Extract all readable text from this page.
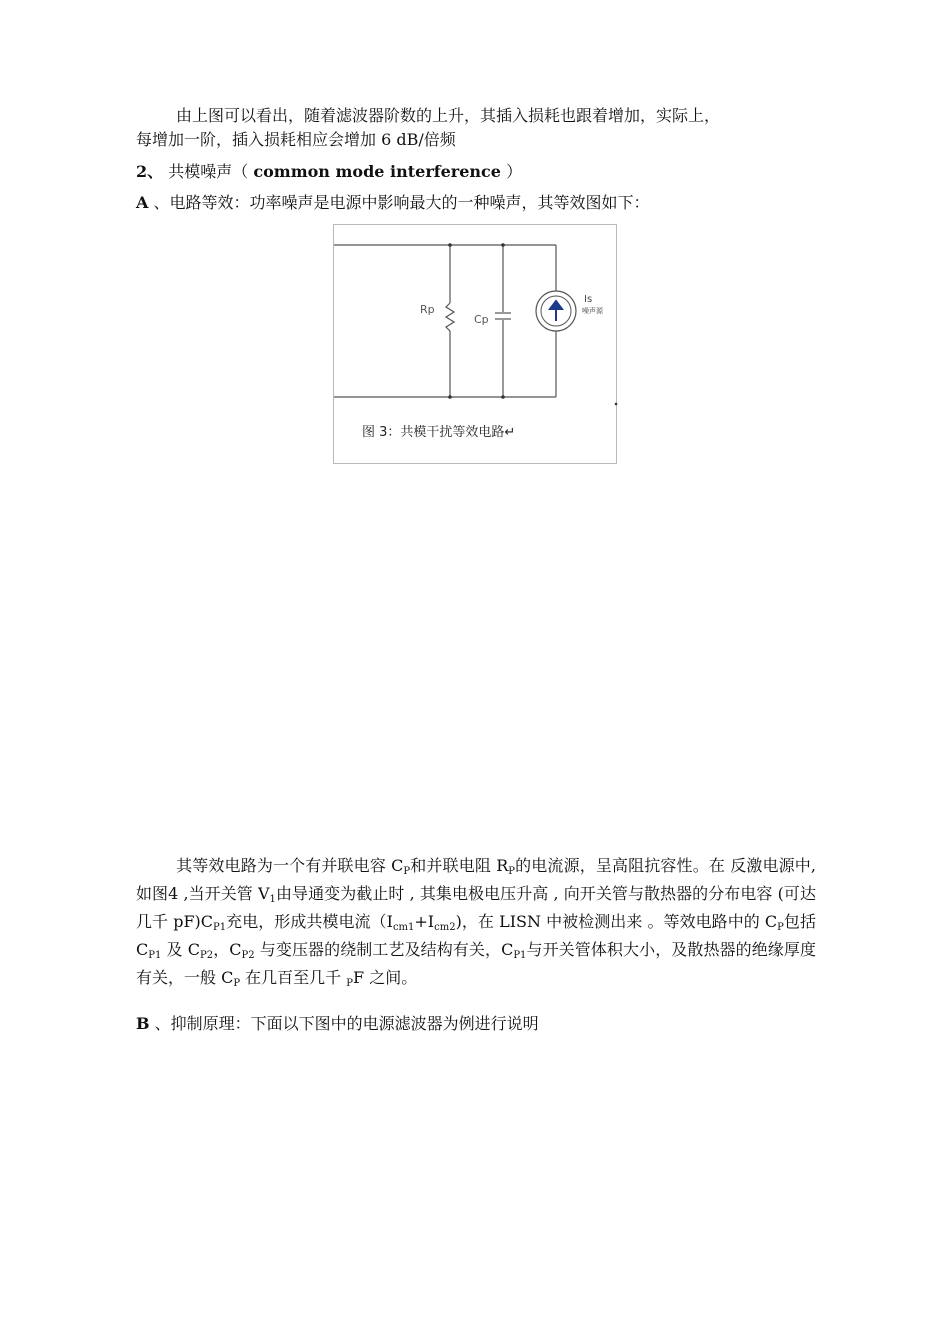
由上图可以看出，随着滤波器阶数的上升，其插入损耗也跟着增加，实际上，
每增加一阶，插入损耗相应会增加 6 dB/倍频

2、 共模噪声（ common mode interference ）

A 、电路等效：功率噪声是电源中影响最大的一种噪声，其等效图如下：

Rp
Cp
Is
噪声源
图 3：共模干扰等效电路↵

其等效电路为一个有并联电容 $C_P$和并联电阻 $R_P$的电流源，呈高阻抗容性。在 反激电源中,如图4 ,当开关管 $V_1$由导通变为截止时 , 其集电极电压升高 , 向开关管与散热器的分布电容 (可达几千 $pF)C_{P1}$充电，形成共模电流$(I_{cm1}+I_{cm2})$，在 LISN 中被检测出来 。等效电路中的 $C_P$包括 $C_{P1}$ 及 $C_{P2}$，$C_{P2}$ 与变压器的绕制工艺及结构有关，$C_{P1}$与开关管体积大小，及散热器的绝缘厚度有关，一般 $C_P$ 在几百至几千 $_P$F 之间。

B 、抑制原理：下面以下图中的电源滤波器为例进行说明
